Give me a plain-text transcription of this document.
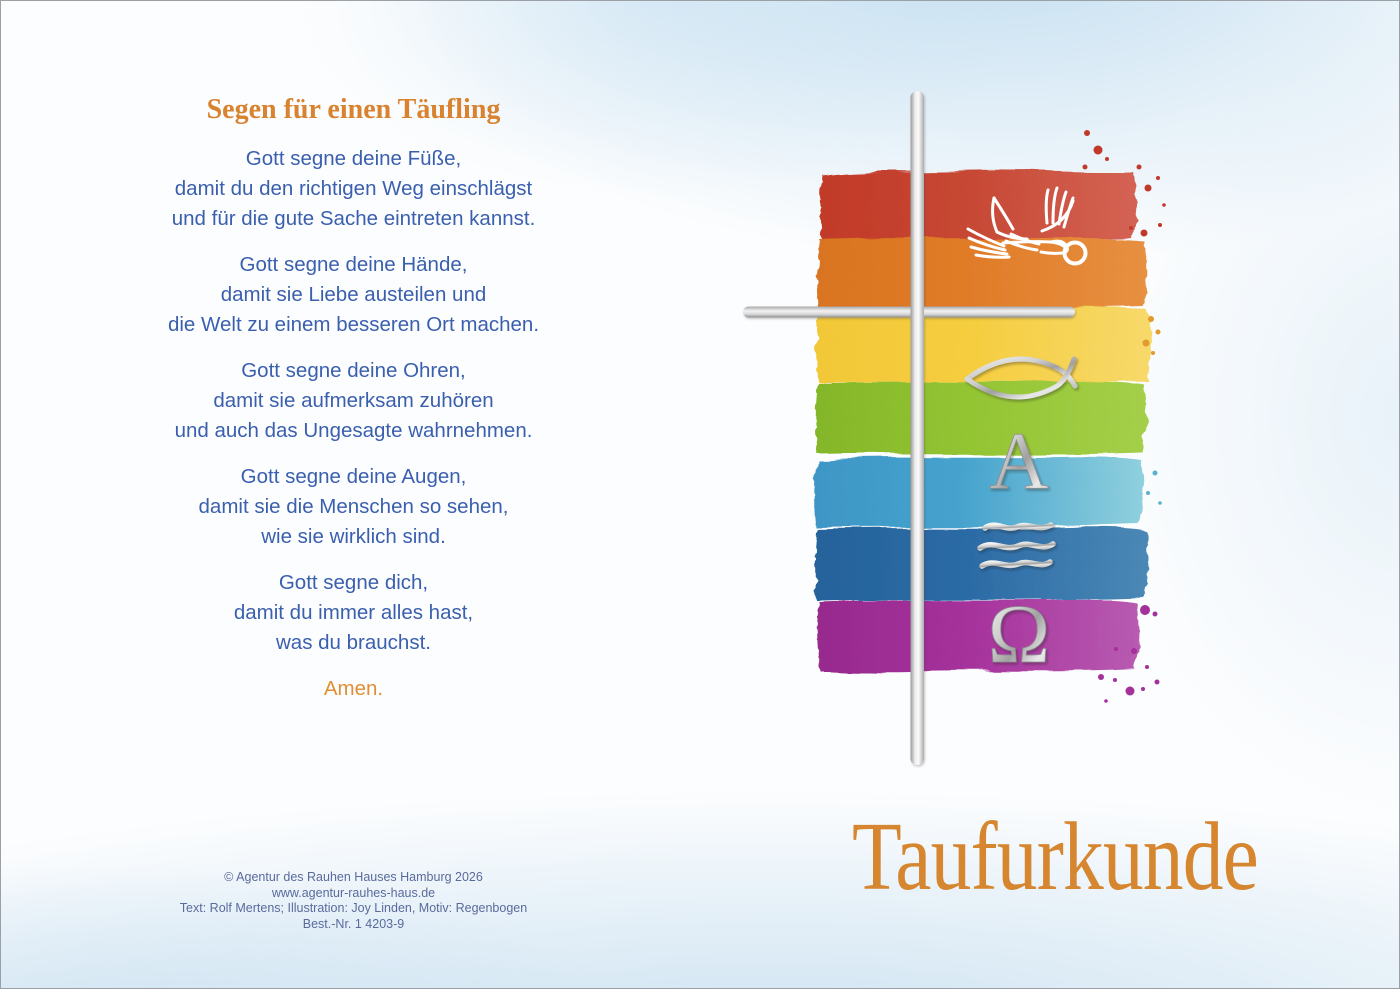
Segen für einen Täufling

Gott segne deine Füße,
damit du den richtigen Weg einschlägst
und für die gute Sache eintreten kannst.

Gott segne deine Hände,
damit sie Liebe austeilen und
die Welt zu einem besseren Ort machen.

Gott segne deine Ohren,
damit sie aufmerksam zuhören
und auch das Ungesagte wahrnehmen.

Gott segne deine Augen,
damit sie die Menschen so sehen,
wie sie wirklich sind.

Gott segne dich,
damit du immer alles hast,
was du brauchst.

Amen.

© Agentur des Rauhen Hauses Hamburg 2026
www.agentur-rauhes-haus.de
Text: Rolf Mertens; Illustration: Joy Linden, Motiv: Regenbogen
Best.-Nr. 1 4203-9
A
Ω
Taufurkunde
